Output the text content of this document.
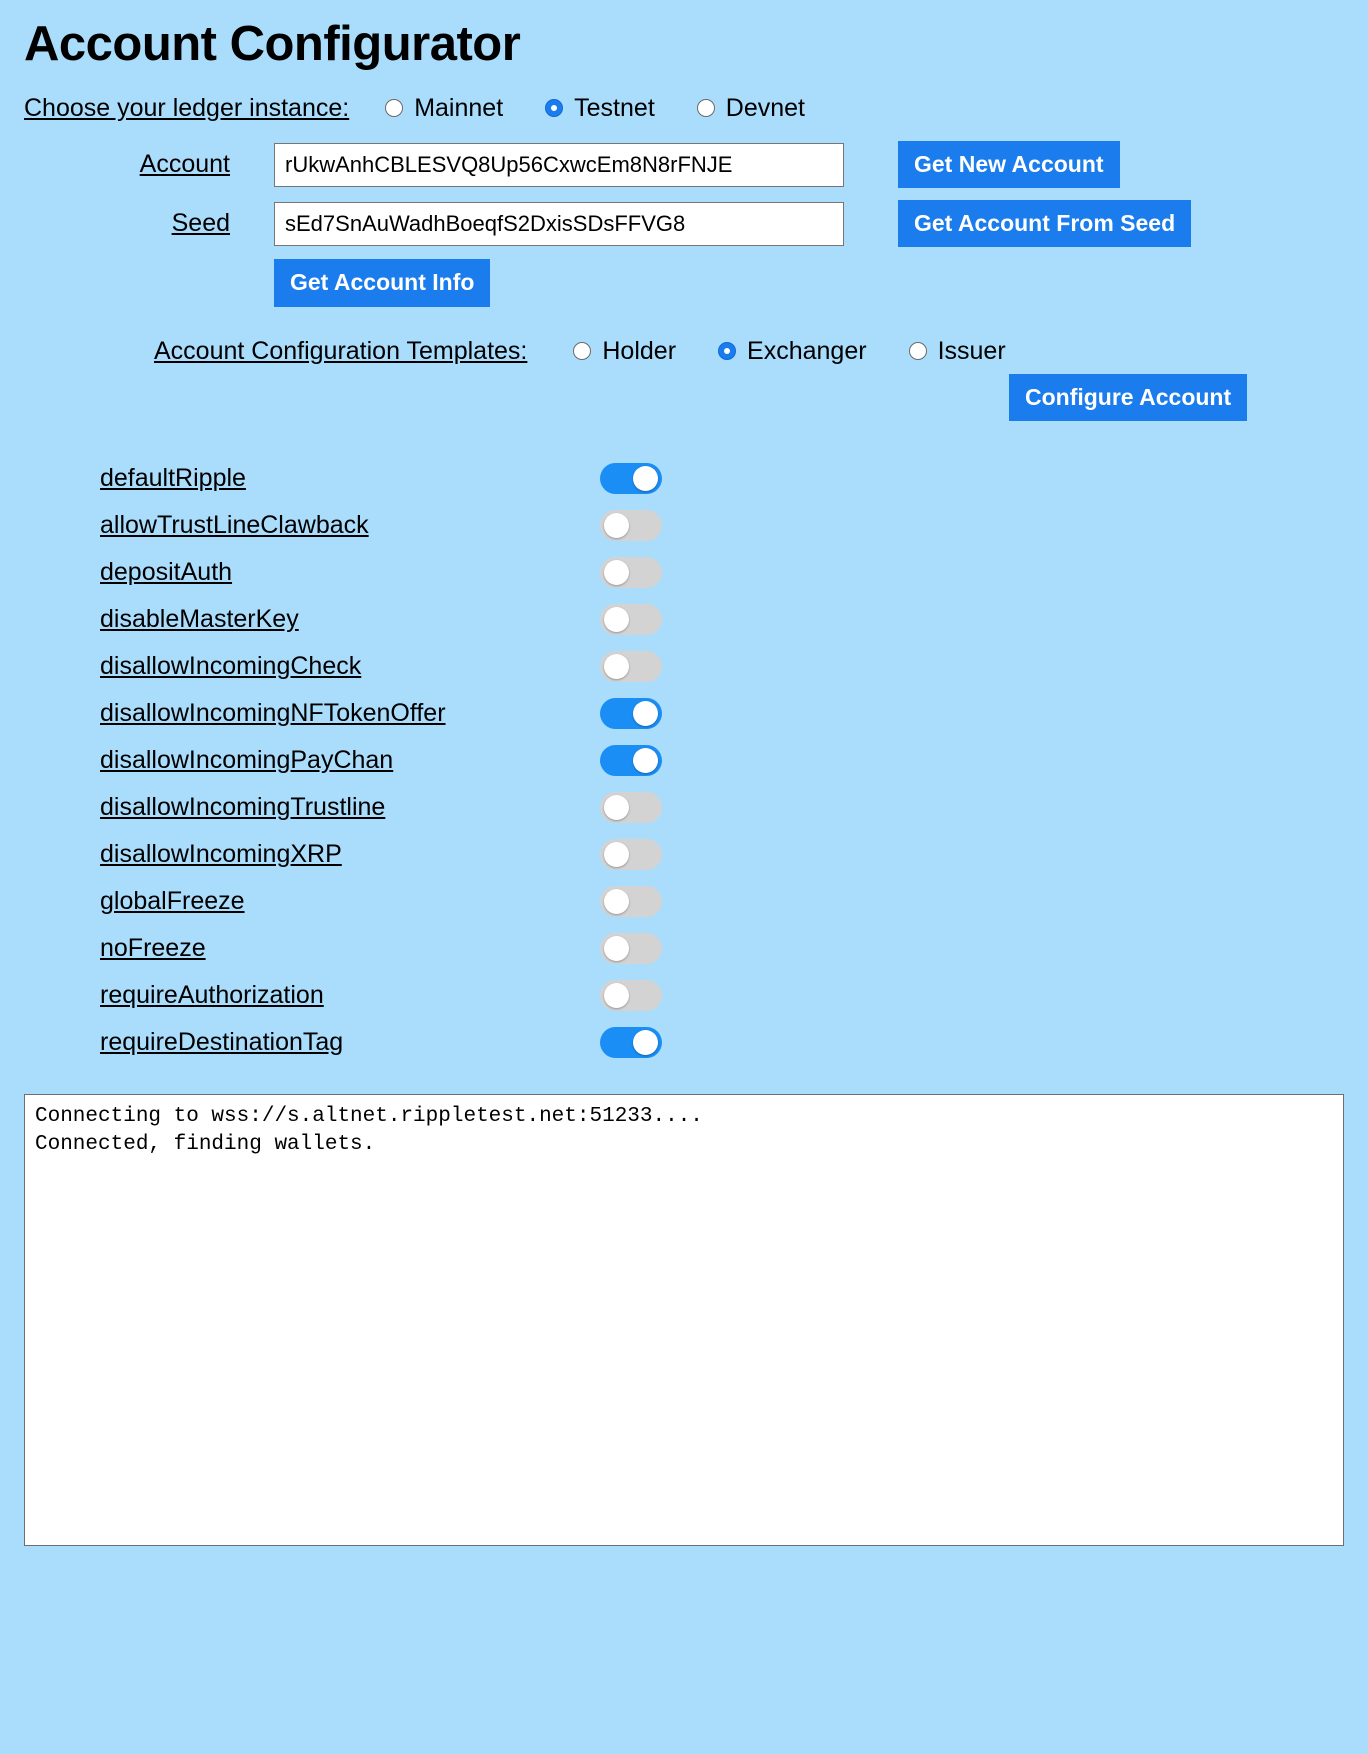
Account Configurator
Choose your ledger instance:	Mainnet	Testnet	Devnet
Account
rUkwAnhCBLESVQ8Up56CxwcEm8N8rFNJE	Get New Account
Seed
sEd7SnAuWadhBoeqfS2DxisSDsFFVG8	Get Account From Seed
Get Account Info
Account Configuration Templates:	Holder	Exchanger	Issuer
Configure Account
defaultRipple
allowTrustLineClawback
depositAuth
disableMasterKey
disallowIncomingCheck
disallowIncomingNFTokenOffer
disallowIncomingPayChan
disallowIncomingTrustline
disallowIncomingXRP
globalFreeze
noFreeze
requireAuthorization
requireDestinationTag
Connecting to wss://s.altnet.rippletest.net:51233.... Connected, finding wallets.
